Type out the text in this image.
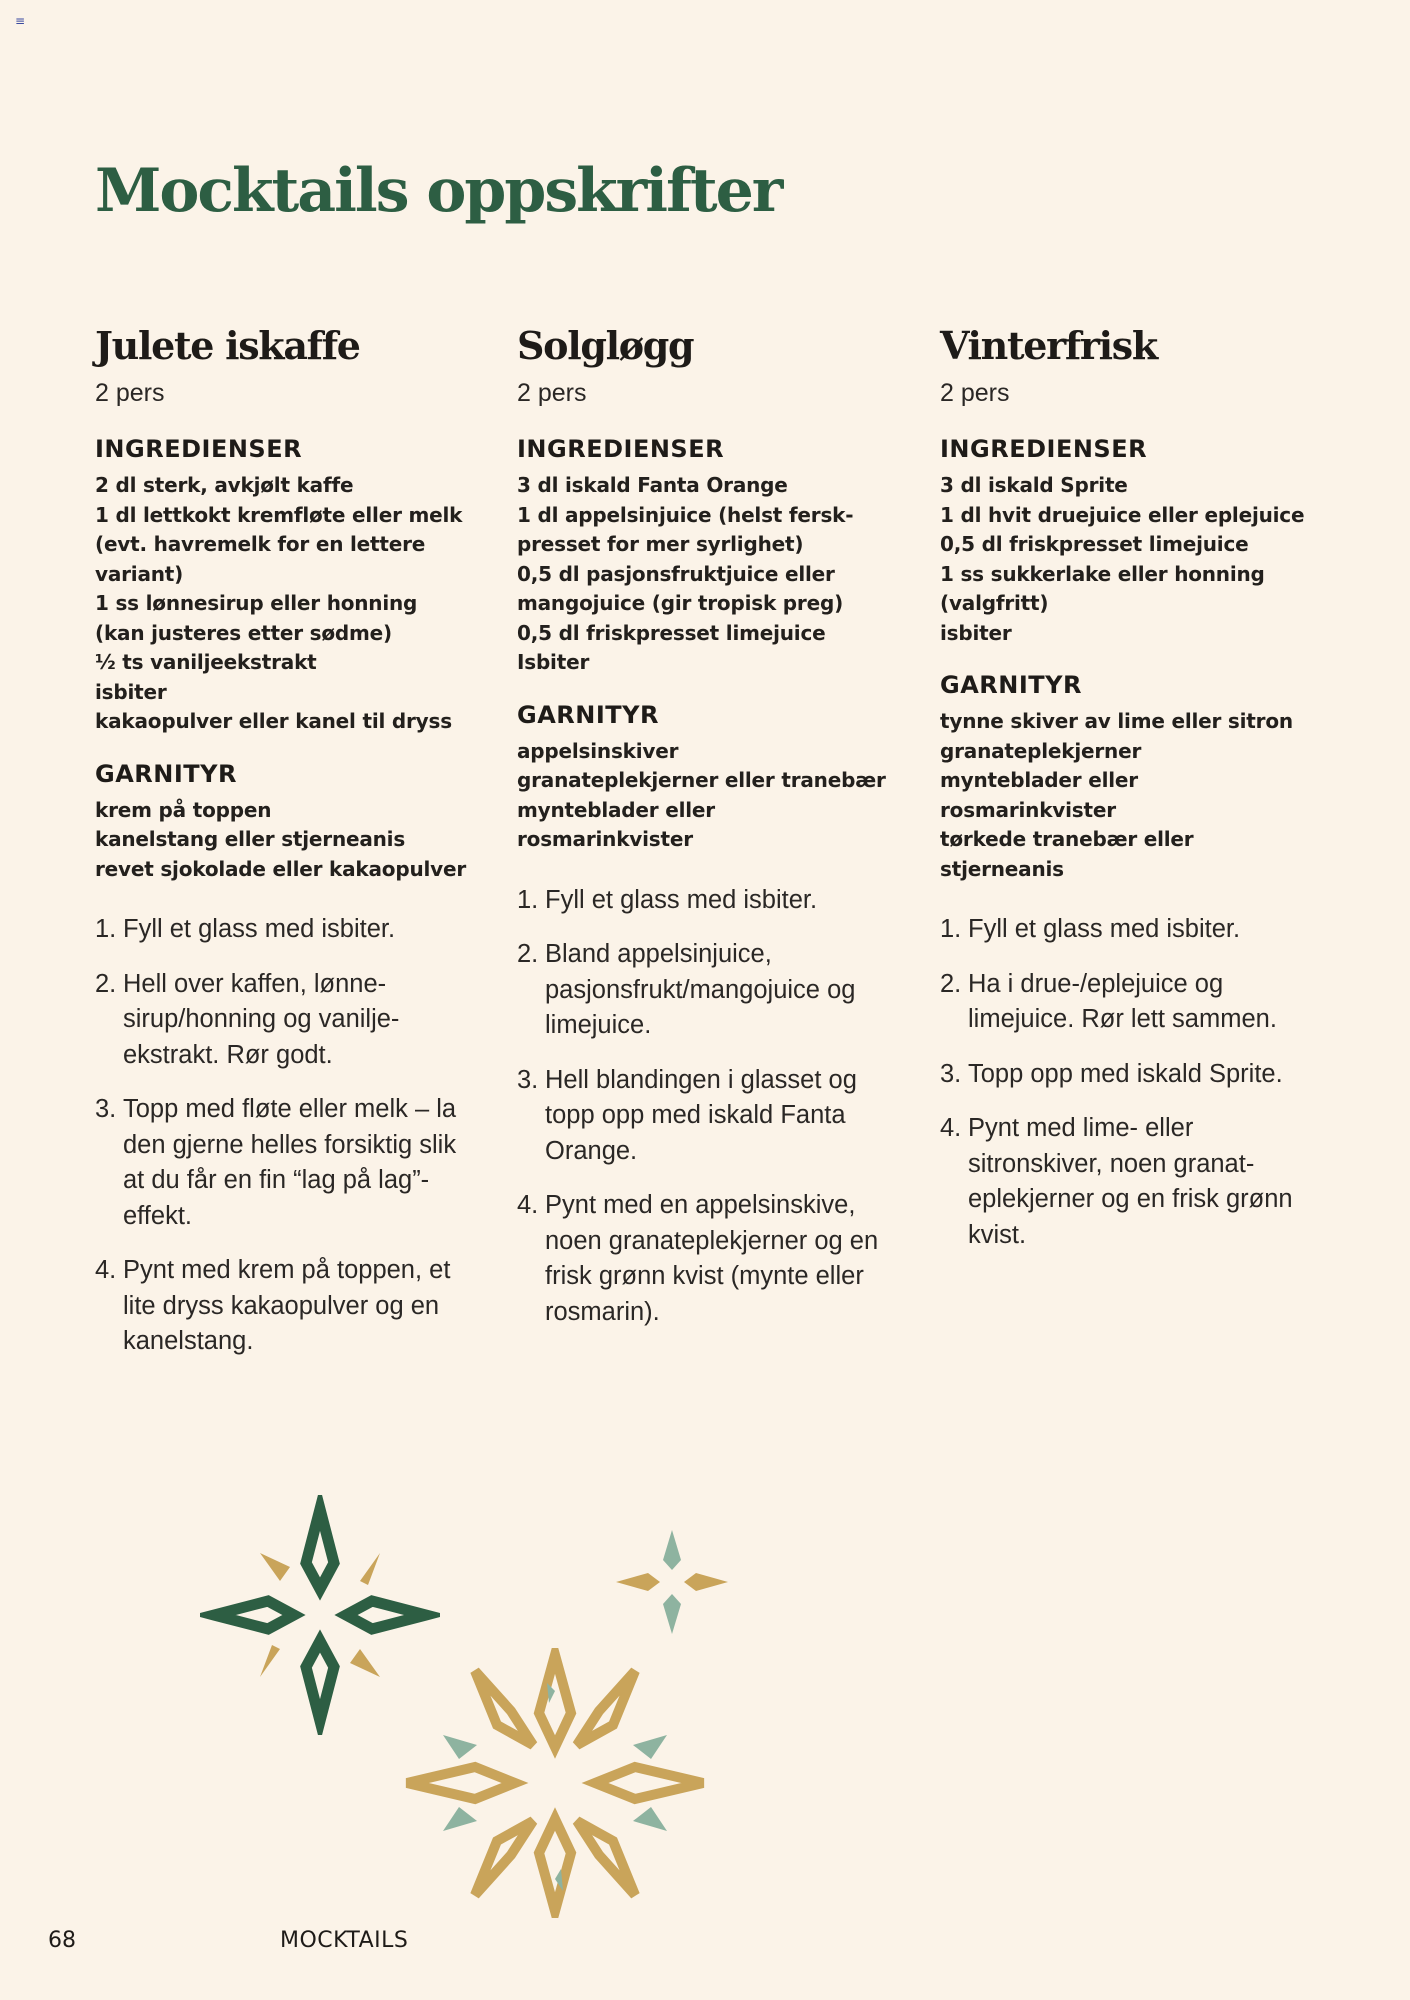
≡
Mocktails oppskrifter
Julete iskaffe
2 pers
INGREDIENSER
2 dl sterk, avkjølt kaffe
1 dl lettkokt kremfløte eller melk
(evt. havremelk for en lettere
variant)
1 ss lønnesirup eller honning
(kan justeres etter sødme)
½ ts vaniljeekstrakt
isbiter
kakaopulver eller kanel til dryss
GARNITYR
krem på toppen
kanelstang eller stjerneanis
revet sjokolade eller kakaopulver
1. Fyll et glass med isbiter.
2. Hell over kaffen, lønne-sirup/honning og vanilje-ekstrakt. Rør godt.
3. Topp med fløte eller melk – la den gjerne helles forsiktig slik at du får en fin “lag på lag”-effekt.
4. Pynt med krem på toppen, et lite dryss kakaopulver og en kanelstang.
Solgløgg
2 pers
INGREDIENSER
3 dl iskald Fanta Orange
1 dl appelsinjuice (helst fersk-
presset for mer syrlighet)
0,5 dl pasjonsfruktjuice eller
mangojuice (gir tropisk preg)
0,5 dl friskpresset limejuice
Isbiter
GARNITYR
appelsinskiver
granateplekjerner eller tranebær
mynteblader eller
rosmarinkvister
1. Fyll et glass med isbiter.
2. Bland appelsinjuice, pasjonsfrukt/mangojuice og limejuice.
3. Hell blandingen i glasset og topp opp med iskald Fanta Orange.
4. Pynt med en appelsinskive, noen granateplekjerner og en frisk grønn kvist (mynte eller rosmarin).
Vinterfrisk
2 pers
INGREDIENSER
3 dl iskald Sprite
1 dl hvit druejuice eller eplejuice
0,5 dl friskpresset limejuice
1 ss sukkerlake eller honning
(valgfritt)
isbiter
GARNITYR
tynne skiver av lime eller sitron
granateplekjerner
mynteblader eller
rosmarinkvister
tørkede tranebær eller
stjerneanis
1. Fyll et glass med isbiter.
2. Ha i drue-/eplejuice og limejuice. Rør lett sammen.
3. Topp opp med iskald Sprite.
4. Pynt med lime- eller sitronskiver, noen granat-eplekjerner og en frisk grønn kvist.
68	MOCKTAILS
